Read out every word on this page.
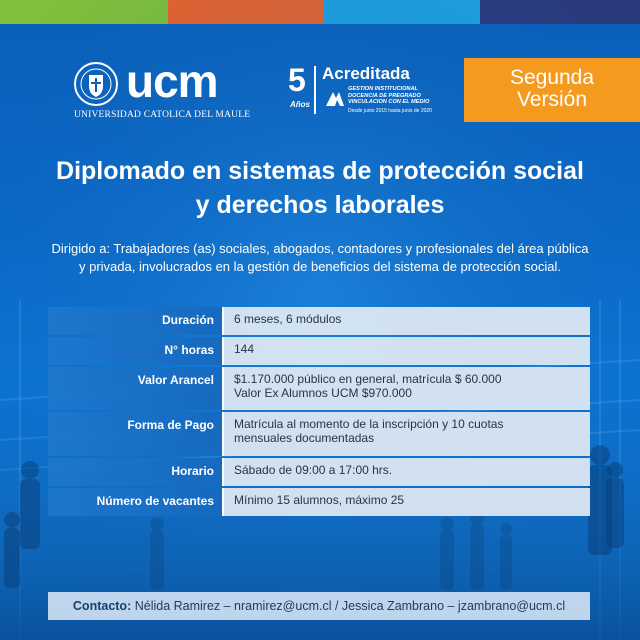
ucm
UNIVERSIDAD CATOLICA DEL MAULE
5
Años
Acreditada
GESTION INSTITUCIONAL
DOCENCIA DE PREGRADO
VINCULACION CON EL MEDIO
Desde junio 2015 hasta junio de 2020
Segunda
Versión
Diplomado en sistemas de protección social
y derechos laborales
Dirigido a: Trabajadores (as) sociales, abogados, contadores y profesionales del área pública
y privada, involucrados en la gestión de beneficios del sistema de protección social.
Duración	6 meses, 6 módulos
N° horas	144
Valor Arancel	$1.170.000 público en general, matrícula $ 60.000
Valor Ex Alumnos UCM $970.000
Forma de Pago	Matrícula al momento de la inscripción y 10 cuotas
mensuales documentadas
Horario	Sábado de 09:00 a 17:00 hrs.
Número de vacantes	Mínimo 15 alumnos, máximo 25
Contacto: Nélida Ramirez – nramirez@ucm.cl / Jessica Zambrano – jzambrano@ucm.cl
